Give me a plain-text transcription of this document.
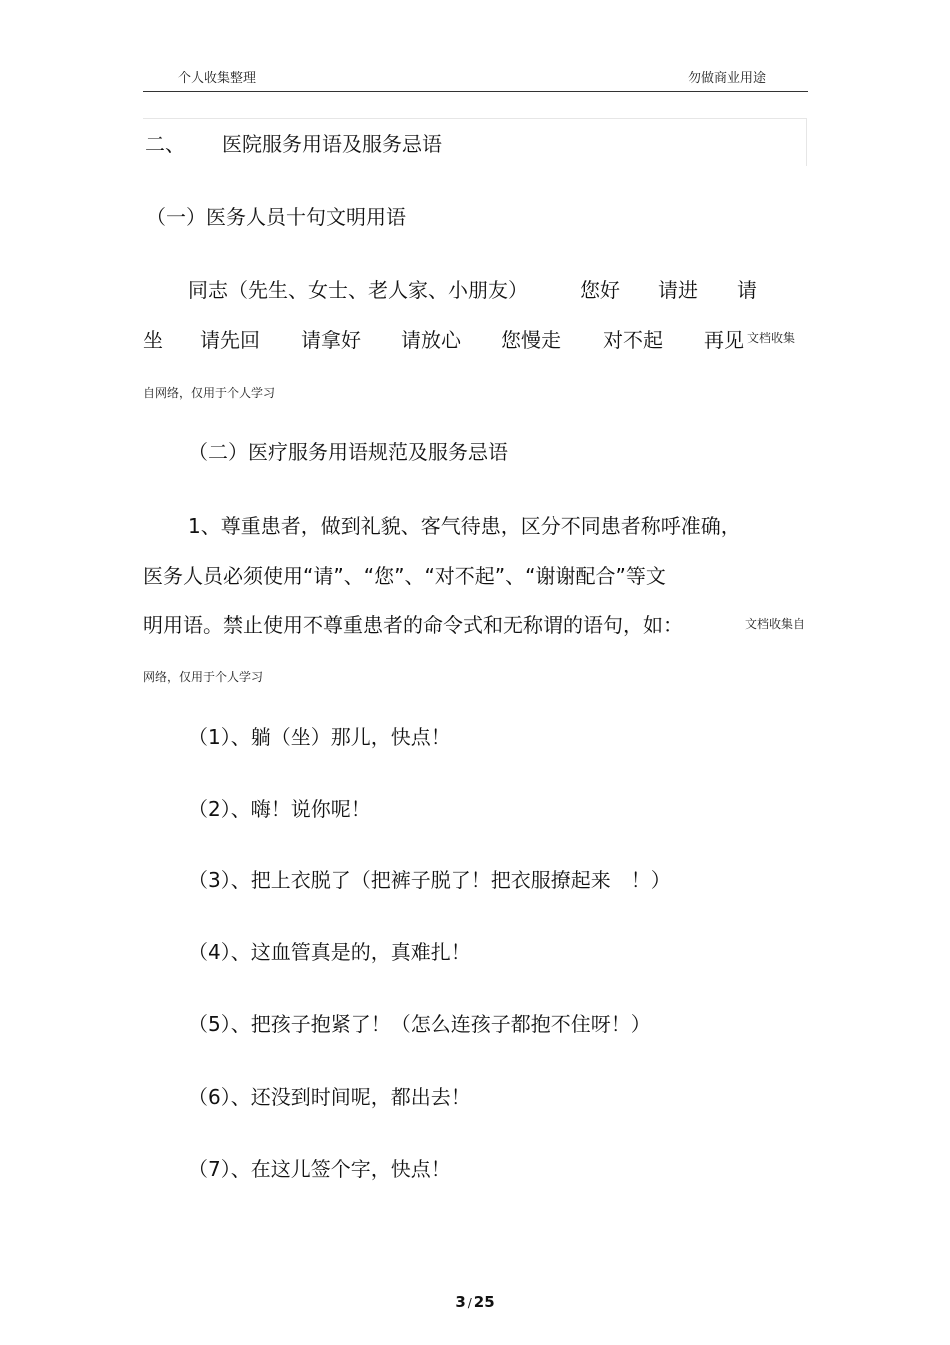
个人收集整理	勿做商业用途
二、 医院服务用语及服务忌语
（一）医务人员十句文明用语
同志（先生、女士、老人家、小朋友）	您好 请进 请
坐 请先回 请拿好 请放心 您慢走 对不起 再见 文档收集
自网络，仅用于个人学习
（二）医疗服务用语规范及服务忌语
1、尊重患者，做到礼貌、客气待患，区分不同患者称呼准确，
医务人员必须使用“请”、“您”、“对不起”、“谢谢配合”等文
明用语。禁止使用不尊重患者的命令式和无称谓的语句，如：	文档收集自
网络，仅用于个人学习
（1）、躺（坐）那儿，快点！
（2）、嗨！说你呢！
（3）、把上衣脱了（把裤子脱了！把衣服撩起来　！）
（4）、这血管真是的，真难扎！
（5）、把孩子抱紧了！（怎么连孩子都抱不住呀！）
（6）、还没到时间呢，都出去！
（7）、在这儿签个字，快点！
3 / 25
